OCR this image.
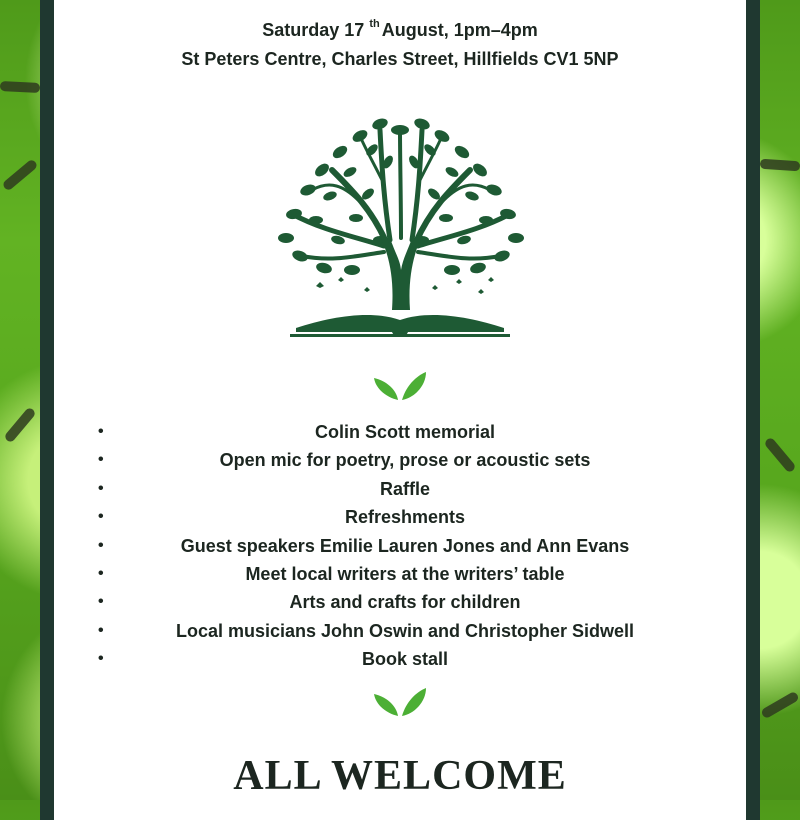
Saturday 17 $^{th}$ August, 1pm–4pm
St Peters Centre, Charles Street, Hillfields CV1 5NP
•	Colin Scott memorial
•	Open mic for poetry, prose or acoustic sets
•	Raffle
•	Refreshments
•	Guest speakers Emilie Lauren Jones and Ann Evans
•	Meet local writers at the writers’ table
•	Arts and crafts for children
•	Local musicians John Oswin and Christopher Sidwell
•	Book stall
ALL WELCOME
